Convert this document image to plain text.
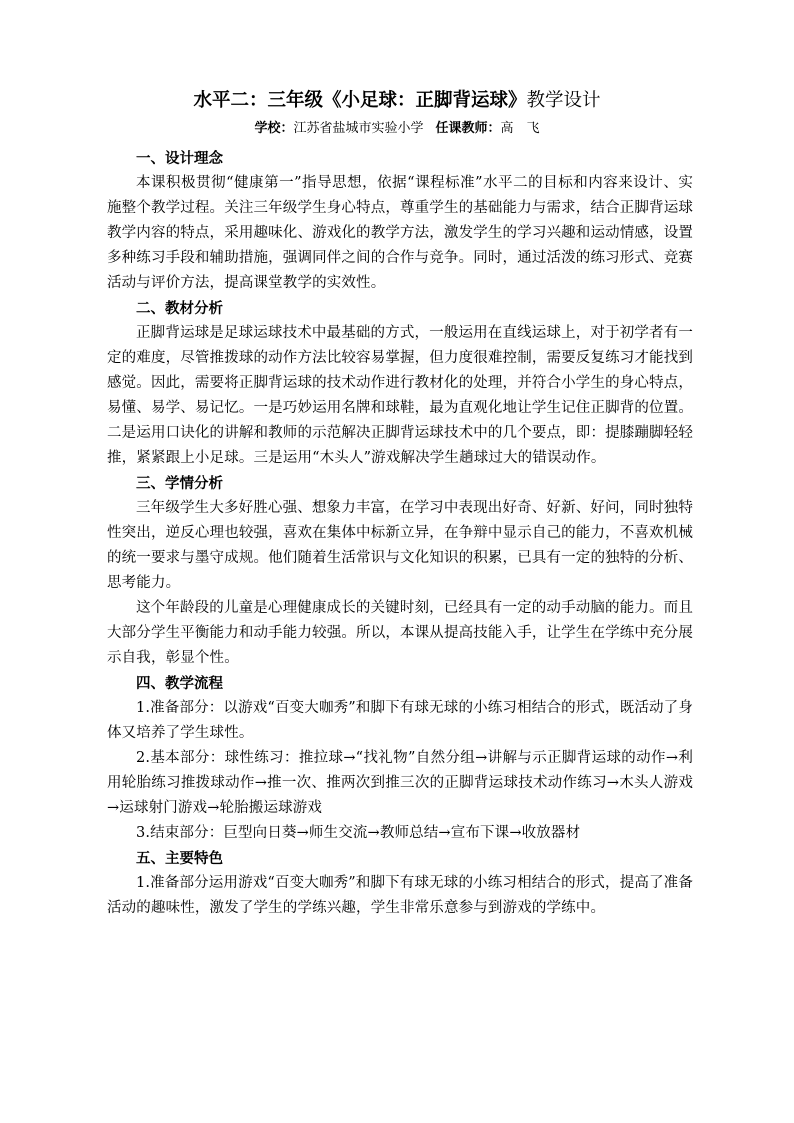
水平二：三年级《小足球：正脚背运球》教学设计
学校：江苏省盐城市实验小学 任课教师：高　飞
一、设计理念
本课积极贯彻“健康第一”指导思想，依据“课程标准”水平二的目标和内容来设计、实施整个教学过程。关注三年级学生身心特点，尊重学生的基础能力与需求，结合正脚背运球教学内容的特点，采用趣味化、游戏化的教学方法，激发学生的学习兴趣和运动情感，设置多种练习手段和辅助措施，强调同伴之间的合作与竞争。同时，通过活泼的练习形式、竞赛活动与评价方法，提高课堂教学的实效性。
二、教材分析
正脚背运球是足球运球技术中最基础的方式，一般运用在直线运球上，对于初学者有一定的难度，尽管推拨球的动作方法比较容易掌握，但力度很难控制，需要反复练习才能找到感觉。因此，需要将正脚背运球的技术动作进行教材化的处理，并符合小学生的身心特点，易懂、易学、易记忆。一是巧妙运用名牌和球鞋，最为直观化地让学生记住正脚背的位置。二是运用口诀化的讲解和教师的示范解决正脚背运球技术中的几个要点，即：提膝蹦脚轻轻推，紧紧跟上小足球。三是运用“木头人”游戏解决学生趟球过大的错误动作。
三、学情分析
三年级学生大多好胜心强、想象力丰富，在学习中表现出好奇、好新、好问，同时独特性突出，逆反心理也较强，喜欢在集体中标新立异，在争辩中显示自己的能力，不喜欢机械的统一要求与墨守成规。他们随着生活常识与文化知识的积累，已具有一定的独特的分析、思考能力。
这个年龄段的儿童是心理健康成长的关键时刻，已经具有一定的动手动脑的能力。而且大部分学生平衡能力和动手能力较强。所以，本课从提高技能入手，让学生在学练中充分展示自我，彰显个性。
四、教学流程
1.准备部分：以游戏“百变大咖秀”和脚下有球无球的小练习相结合的形式，既活动了身体又培养了学生球性。
2.基本部分：球性练习：推拉球→“找礼物”自然分组→讲解与示正脚背运球的动作→利用轮胎练习推拨球动作→推一次、推两次到推三次的正脚背运球技术动作练习→木头人游戏→运球射门游戏→轮胎搬运球游戏
3.结束部分：巨型向日葵→师生交流→教师总结→宣布下课→收放器材
五、主要特色
1.准备部分运用游戏“百变大咖秀”和脚下有球无球的小练习相结合的形式，提高了准备活动的趣味性，激发了学生的学练兴趣，学生非常乐意参与到游戏的学练中。
